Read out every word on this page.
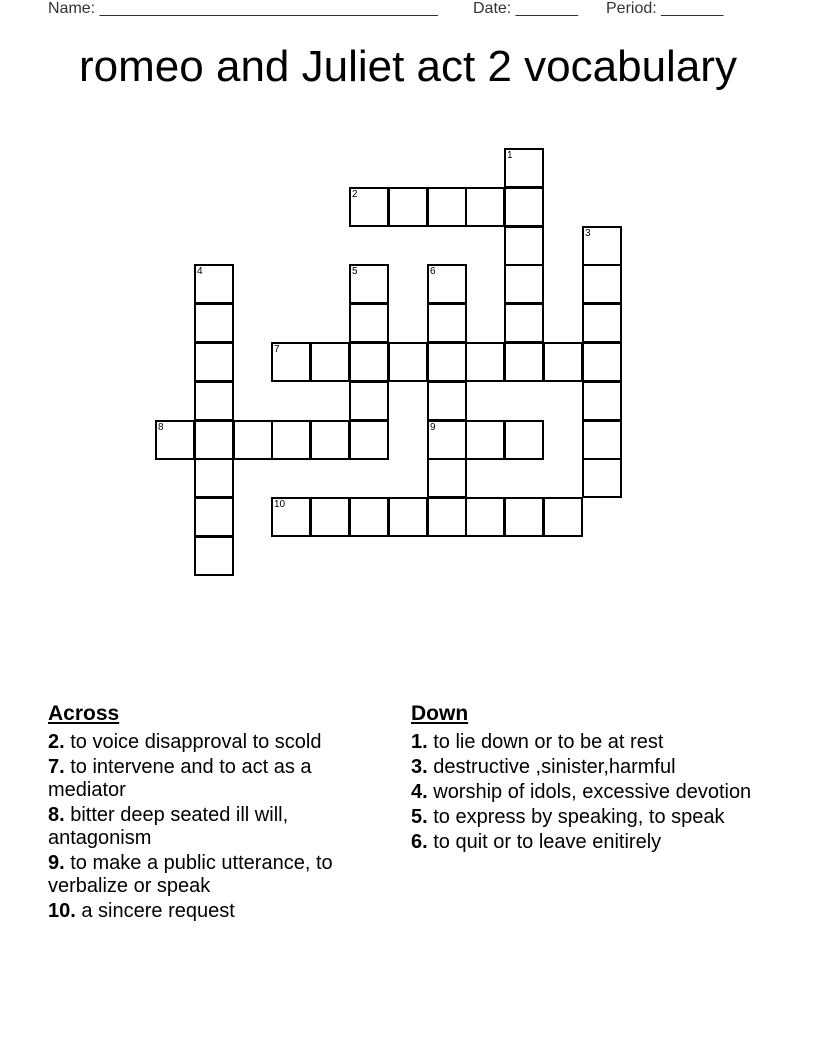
Name: ______________________________________ Date: _______ Period: _______
romeo and Juliet act 2 vocabulary
1
2
3
4	5	6
9
7
8
10
Across
2. to voice disapproval to scold
7. to intervene and to act as a mediator
8. bitter deep seated ill will, antagonism
9. to make a public utterance, to verbalize or speak
10. a sincere request
Down
1. to lie down or to be at rest
3. destructive ,sinister,harmful
4. worship of idols, excessive devotion
5. to express by speaking, to speak
6. to quit or to leave enitirely
